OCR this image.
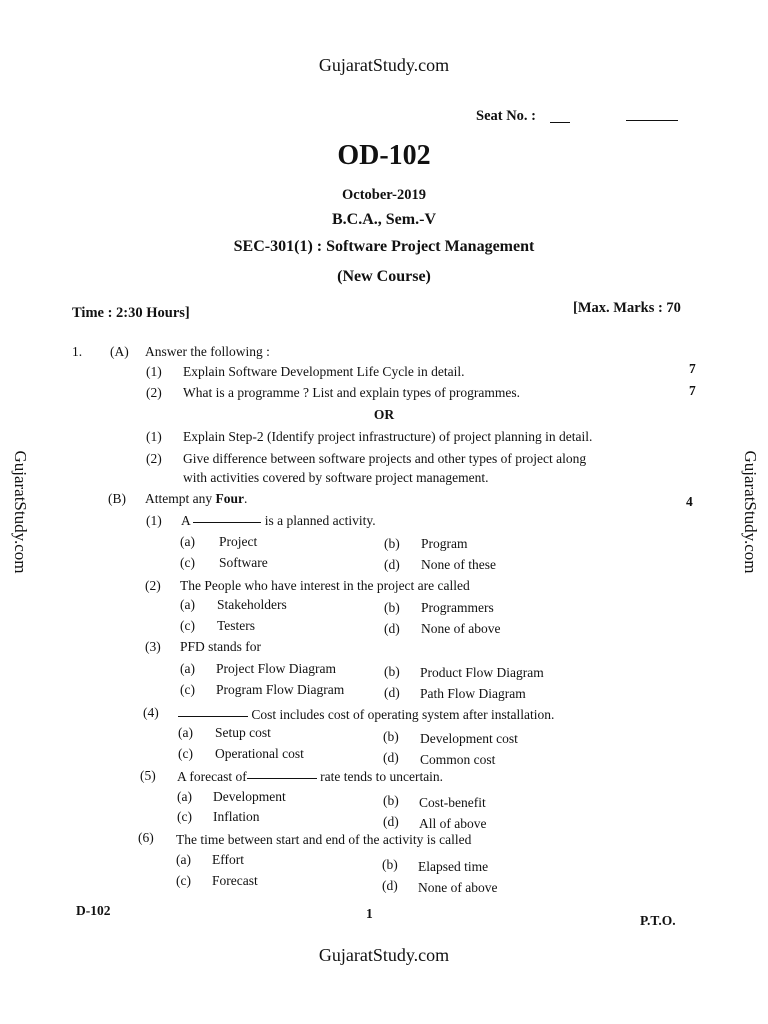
GujaratStudy.com
GujaratStudy.com
GujaratStudy.com	GujaratStudy.com
Seat No. :
OD-102
October-2019
B.C.A., Sem.-V
SEC-301(1) : Software Project Management
(New Course)
Time : 2:30 Hours]	[Max. Marks : 70
1. (A) Answer the following :
(1) Explain Software Development Life Cycle in detail.	7
(2) What is a programme ? List and explain types of programmes.	7
OR
(1) Explain Step-2 (Identify project infrastructure) of project planning in detail.
(2) Give difference between software projects and other types of project along
with activities covered by software project management.
(B) Attempt any Four.	4
(1) A	is a planned activity.
(a) Project	(b) Program
(c) Software	(d) None of these
(2) The People who have interest in the project are called
(a) Stakeholders	(b) Programmers
(c) Testers	(d) None of above
(3) PFD stands for
(a) Project Flow Diagram	(b) Product Flow Diagram
(c) Program Flow Diagram	(d) Path Flow Diagram
(4)	Cost includes cost of operating system after installation.
(a) Setup cost	(b) Development cost
(c) Operational cost	(d) Common cost
(5) A forecast of	rate tends to uncertain.
(a) Development	(b) Cost-benefit
(c) Inflation	(d) All of above
(6) The time between start and end of the activity is called
(a) Effort	(b) Elapsed time
(c) Forecast	(d) None of above
D-102	1	P.T.O.
